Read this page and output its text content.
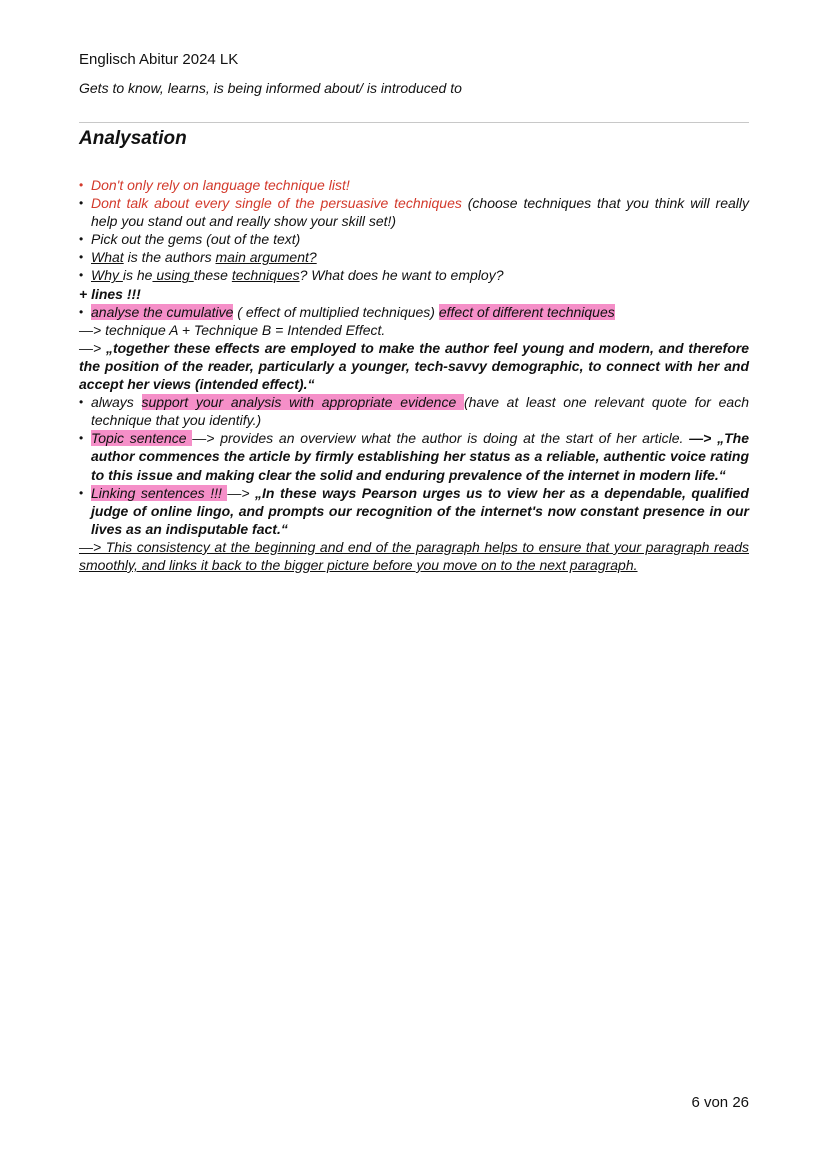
Englisch Abitur 2024 LK
Gets to know, learns, is being informed about/ is introduced to
Analysation
• Don't only rely on language technique list!
• Dont talk about every single of the persuasive techniques (choose techniques that you think will really help you stand out and really show your skill set!)
• Pick out the gems (out of the text)
• What is the authors main argument?
• Why is he using these techniques? What does he want to employ?
+ lines !!!
• analyse the cumulative ( effect of multiplied techniques) effect of different techniques
—> technique A + Technique B = Intended Effect.
—> „together these effects are employed to make the author feel young and modern, and therefore the position of the reader, particularly a younger, tech-savvy demographic, to connect with her and accept her views (intended effect).“
• always support your analysis with appropriate evidence (have at least one relevant quote for each technique that you identify.)
• Topic sentence —> provides an overview what the author is doing at the start of her article. —> „The author commences the article by firmly establishing her status as a reliable, authentic voice rating to this issue and making clear the solid and enduring prevalence of the internet in modern life.“
• Linking sentences !!! —> „In these ways Pearson urges us to view her as a dependable, qualified judge of online lingo, and prompts our recognition of the internet's now constant presence in our lives as an indisputable fact.“
—> This consistency at the beginning and end of the paragraph helps to ensure that your paragraph reads smoothly, and links it back to the bigger picture before you move on to the next paragraph.
6 von 26
